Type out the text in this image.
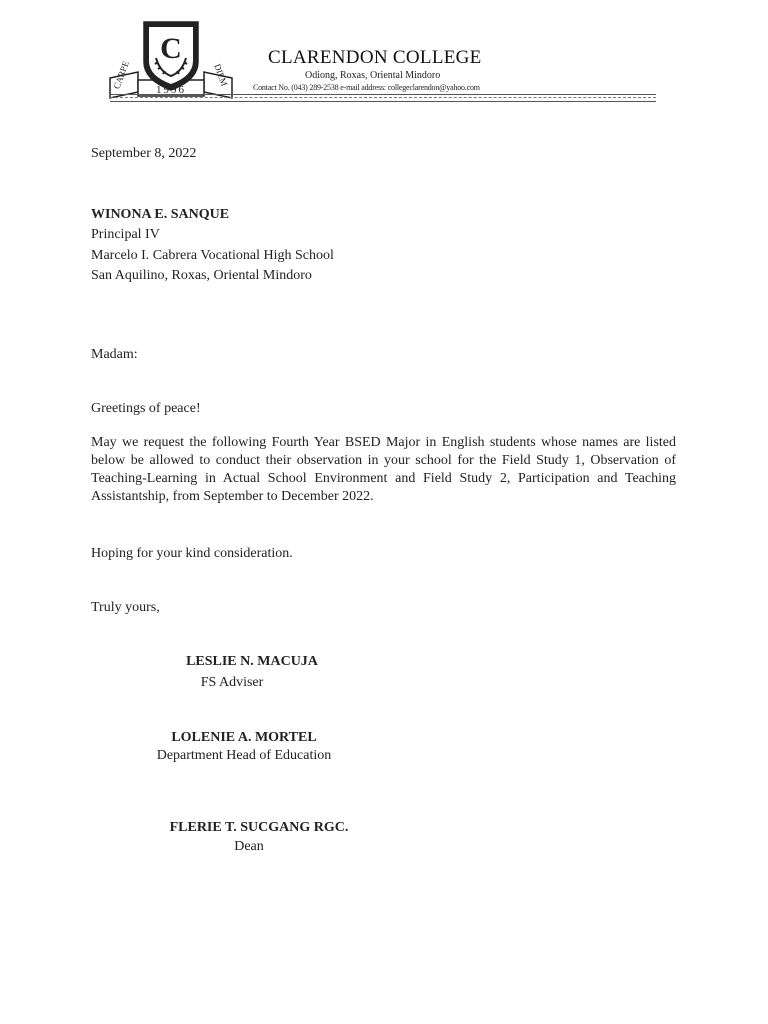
C
CARPE	DIEM
1996
CLARENDON COLLEGE
Odiong, Roxas, Oriental Mindoro
Contact No. (043) 289-2538 e-mail address: collegeclarendon@yahoo.com
September 8, 2022
WINONA E. SANQUE
Principal IV
Marcelo I. Cabrera Vocational High School
San Aquilino, Roxas, Oriental Mindoro
Madam:
Greetings of peace!
May we request the following Fourth Year BSED Major in English students whose names are listed below be allowed to conduct their observation in your school for the Field Study 1, Observation of Teaching-Learning in Actual School Environment and Field Study 2, Participation and Teaching Assistantship, from September to December 2022.
Hoping for your kind consideration.
Truly yours,
LESLIE N. MACUJA
FS Adviser
LOLENIE A. MORTEL
Department Head of Education
FLERIE T. SUCGANG RGC.
Dean
